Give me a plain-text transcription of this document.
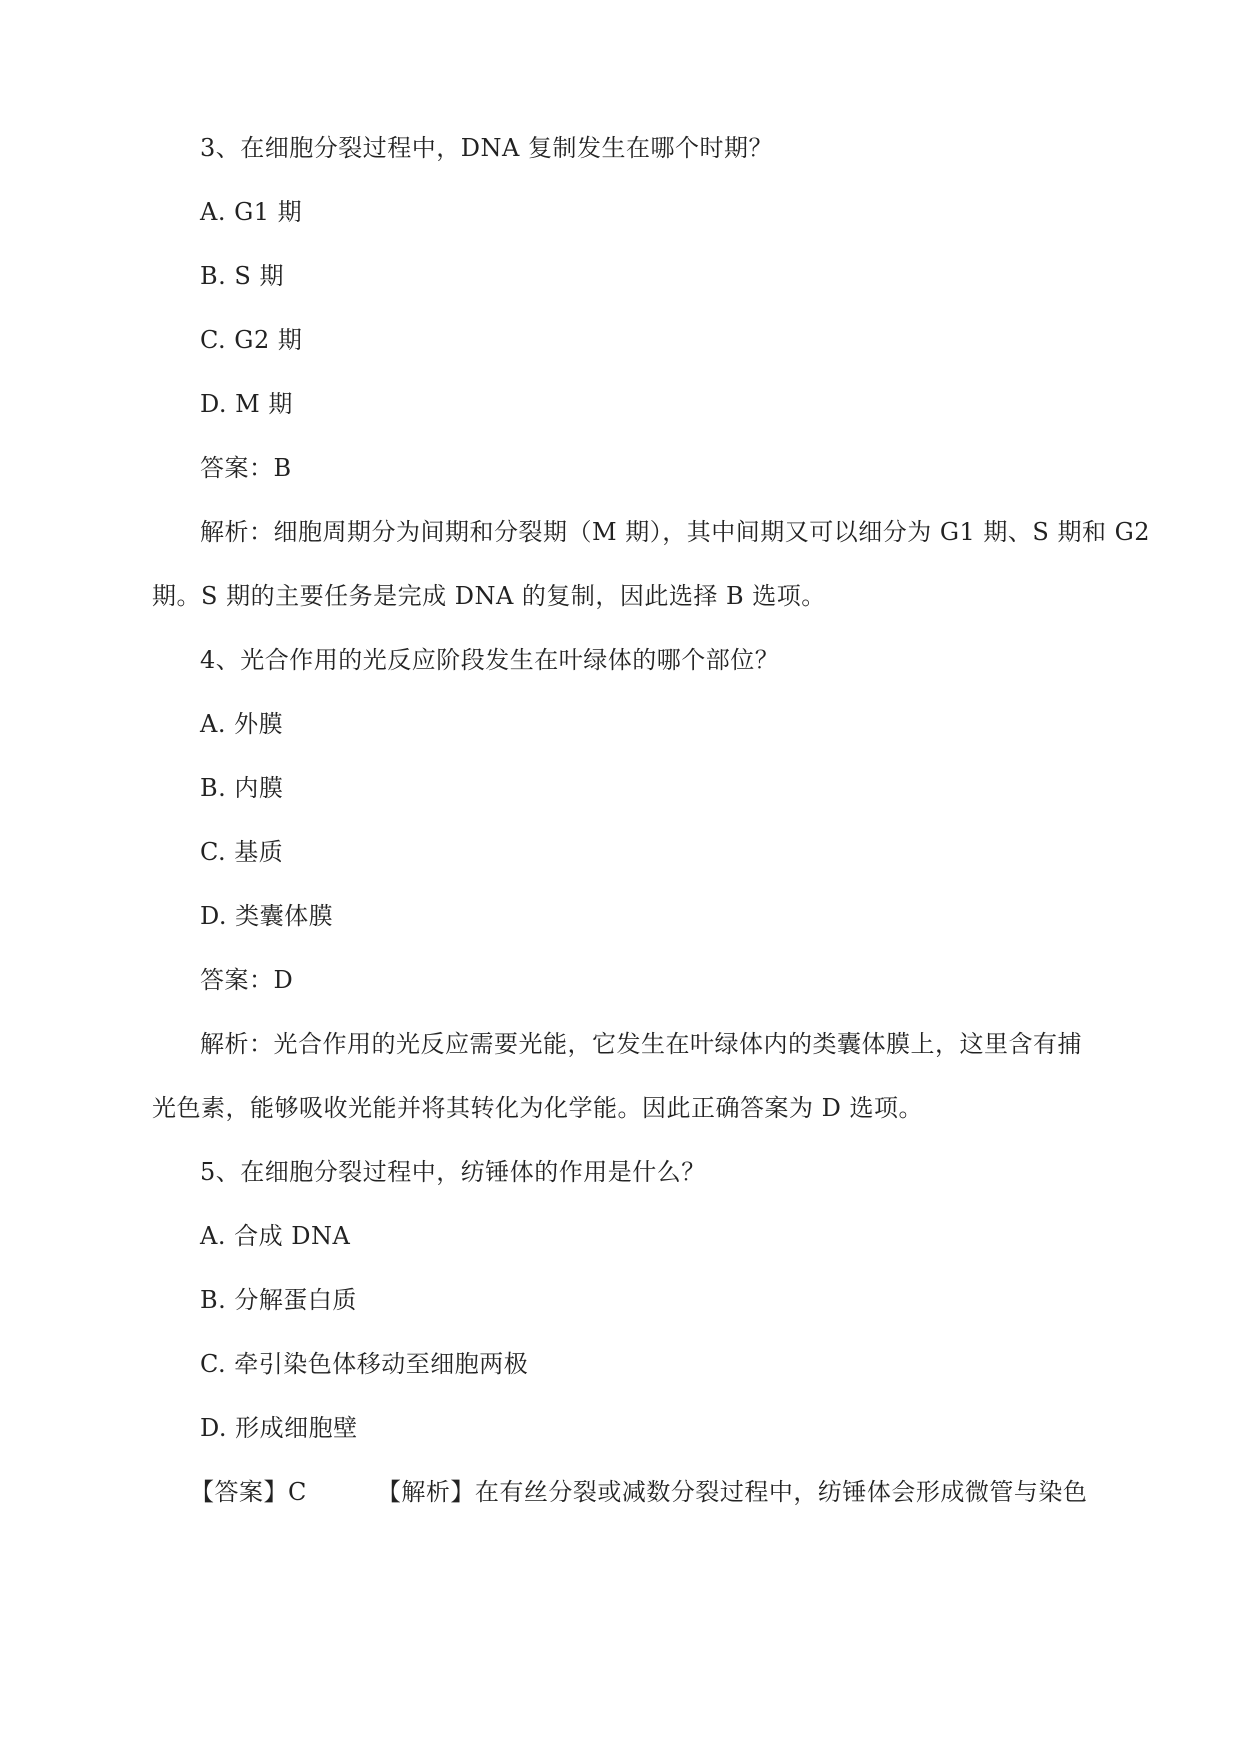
3、在细胞分裂过程中，DNA 复制发生在哪个时期？
A. G1 期
B. S 期
C. G2 期
D. M 期
答案：B
解析：细胞周期分为间期和分裂期（M 期），其中间期又可以细分为 G1 期、S 期和 G2
期。S 期的主要任务是完成 DNA 的复制，因此选择 B 选项。
4、光合作用的光反应阶段发生在叶绿体的哪个部位？
A. 外膜
B. 内膜
C. 基质
D. 类囊体膜
答案：D
解析：光合作用的光反应需要光能，它发生在叶绿体内的类囊体膜上，这里含有捕
光色素，能够吸收光能并将其转化为化学能。因此正确答案为 D 选项。
5、在细胞分裂过程中，纺锤体的作用是什么？
A. 合成 DNA
B. 分解蛋白质
C. 牵引染色体移动至细胞两极
D. 形成细胞壁
【答案】C	【解析】在有丝分裂或减数分裂过程中，纺锤体会形成微管与染色
